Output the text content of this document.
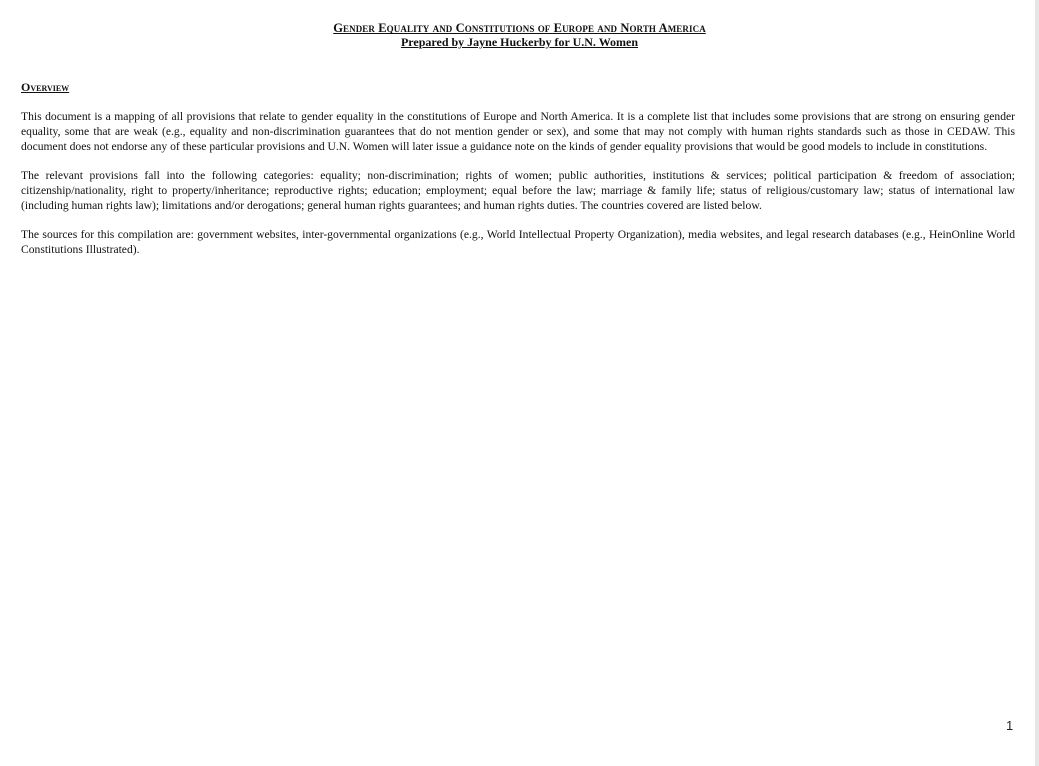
Gender Equality and Constitutions of Europe and North America
Prepared by Jayne Huckerby for U.N. Women
Overview

This document is a mapping of all provisions that relate to gender equality in the constitutions of Europe and North America. It is a complete list that includes some provisions that are strong on ensuring gender equality, some that are weak (e.g., equality and non-discrimination guarantees that do not mention gender or sex), and some that may not comply with human rights standards such as those in CEDAW. This document does not endorse any of these particular provisions and U.N. Women will later issue a guidance note on the kinds of gender equality provisions that would be good models to include in constitutions.

The relevant provisions fall into the following categories: equality; non-discrimination; rights of women; public authorities, institutions & services; political participation & freedom of association; citizenship/nationality, right to property/inheritance; reproductive rights; education; employment; equal before the law; marriage & family life; status of religious/customary law; status of international law (including human rights law); limitations and/or derogations; general human rights guarantees; and human rights duties. The countries covered are listed below.

The sources for this compilation are: government websites, inter-governmental organizations (e.g., World Intellectual Property Organization), media websites, and legal research databases (e.g., HeinOnline World Constitutions Illustrated).

1
